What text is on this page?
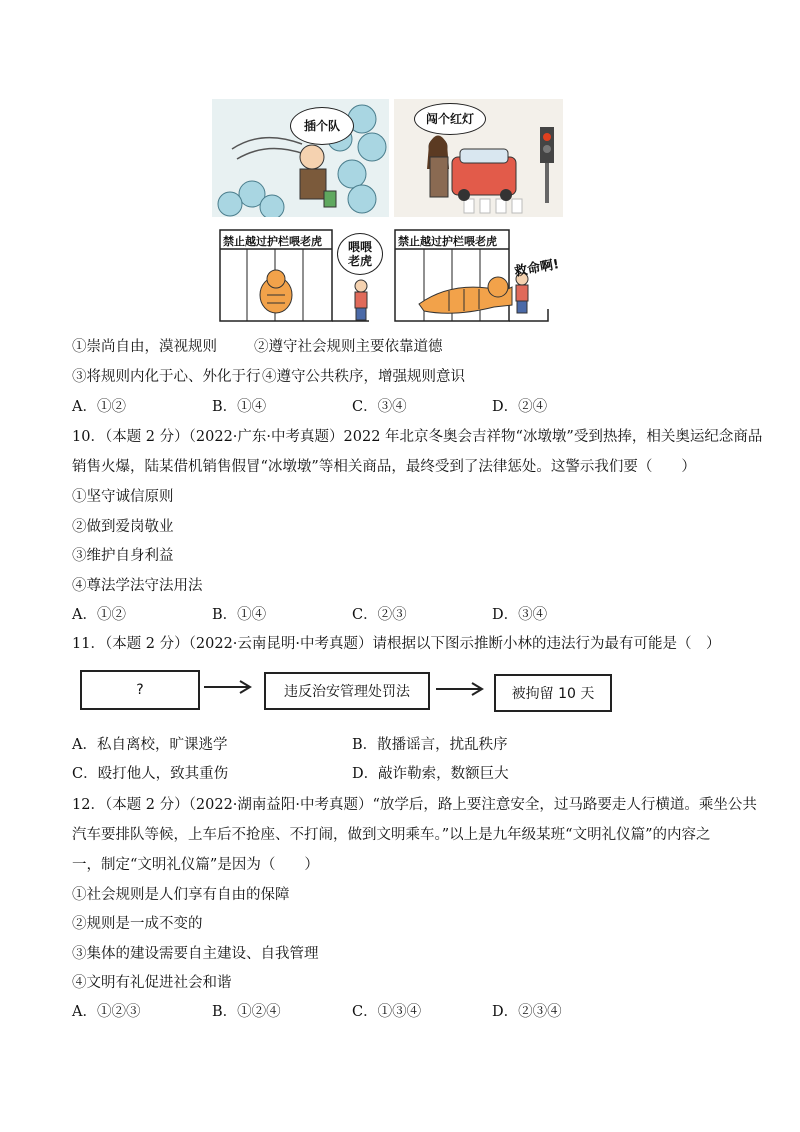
插个队	闯个红灯
禁止越过护栏喂老虎 喂喂
老虎
禁止越过护栏喂老虎
救命啊!
①崇尚自由，漠视规则	②遵守社会规则主要依靠道德
③将规则内化于心、外化于行 ④遵守公共秩序，增强规则意识
A．①②	B．①④	C．③④	D．②④
10．（本题 2 分）（2022·广东·中考真题）2022 年北京冬奥会吉祥物“冰墩墩”受到热捧，相关奥运纪念商品
销售火爆，陆某借机销售假冒“冰墩墩”等相关商品，最终受到了法律惩处。这警示我们要（　　）
①坚守诚信原则
②做到爱岗敬业
③维护自身利益
④尊法学法守法用法
A．①②	B．①④	C．②③	D．③④
11．（本题 2 分）（2022·云南昆明·中考真题）请根据以下图示推断小林的违法行为最有可能是（　）
?	违反治安管理处罚法	被拘留 10 天
A．私自离校，旷课逃学	B．散播谣言，扰乱秩序
C．殴打他人，致其重伤	D．敲诈勒索，数额巨大
12．（本题 2 分）（2022·湖南益阳·中考真题）“放学后，路上要注意安全，过马路要走人行横道。乘坐公共
汽车要排队等候，上车后不抢座、不打闹，做到文明乘车。”以上是九年级某班“文明礼仪篇”的内容之
一，制定“文明礼仪篇”是因为（　　）
①社会规则是人们享有自由的保障
②规则是一成不变的
③集体的建设需要自主建设、自我管理
④文明有礼促进社会和谐
A．①②③	B．①②④	C．①③④	D．②③④
